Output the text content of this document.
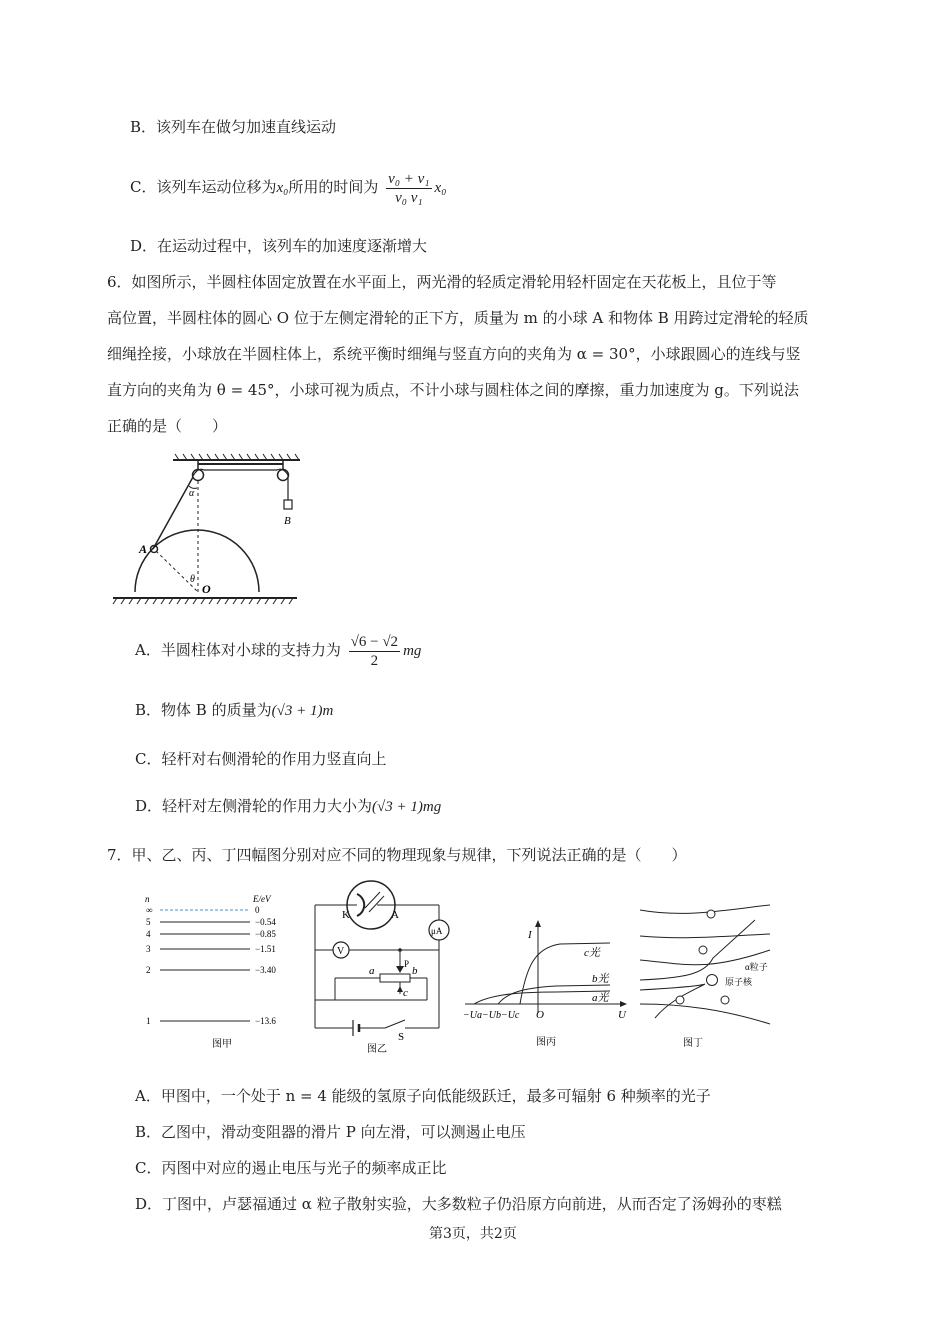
B．该列车在做匀加速直线运动
C．该列车运动位移为x₀所用的时间为 $\frac{\text{v₀ + v₁}}{\text{v₀ v₁}} x_0$
D．在运动过程中，该列车的加速度逐渐增大
6．如图所示，半圆柱体固定放置在水平面上，两光滑的轻质定滑轮用轻杆固定在天花板上，且位于等
高位置，半圆柱体的圆心 O 位于左侧定滑轮的正下方，质量为 m 的小球 A 和物体 B 用跨过定滑轮的轻质
细绳拴接，小球放在半圆柱体上，系统平衡时细绳与竖直方向的夹角为 α = 30°，小球跟圆心的连线与竖
直方向的夹角为 θ = 45°，小球可视为质点，不计小球与圆柱体之间的摩擦，重力加速度为 g。下列说法
正确的是（　　）
B
α
A
θ
O
A．半圆柱体对小球的支持力为 $\frac{√6 - √2}{2}$ mg
B．物体 B 的质量为(√3 + 1)m
C．轻杆对右侧滑轮的作用力竖直向上
D．轻杆对左侧滑轮的作用力大小为(√3 + 1)mg
7．甲、乙、丙、丁四幅图分别对应不同的物理现象与规律，下列说法正确的是（　　）
n	E/eV
∞	0
5	−0.54
4	−0.85
3	−1.51
2	−3.40
1	−13.6
图甲
K	A
μA
V
P
a	b
c
S
图乙
I
c光
b光
a光
−Ua−Ub−Uc O	U
图丙
α粒子
原子核
图丁
A．甲图中，一个处于 n = 4 能级的氢原子向低能级跃迁，最多可辐射 6 种频率的光子
B．乙图中，滑动变阻器的滑片 P 向左滑，可以测遏止电压
C．丙图中对应的遏止电压与光子的频率成正比
D．丁图中，卢瑟福通过 α 粒子散射实验，大多数粒子仍沿原方向前进，从而否定了汤姆孙的枣糕
第3页，共2页
